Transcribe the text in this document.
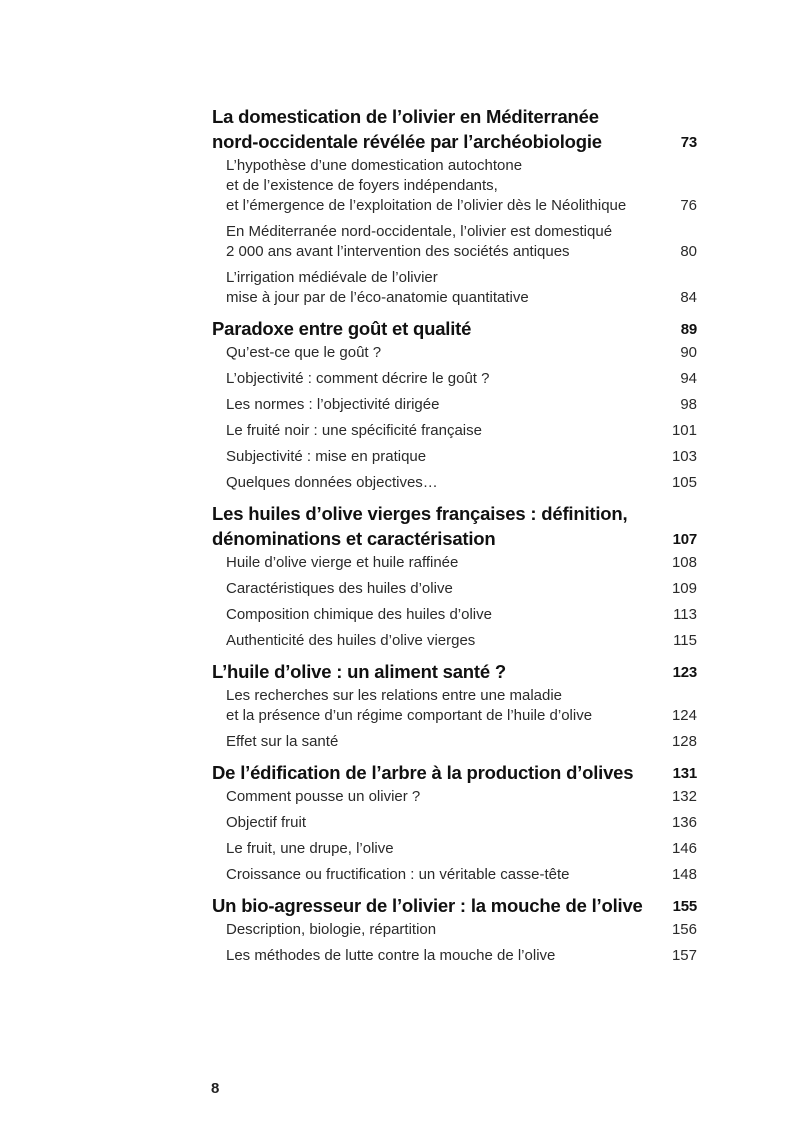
La domestication de l’olivier en Méditerranée
nord-occidentale révélée par l’archéobiologie	73
L’hypothèse d’une domestication autochtone
et de l’existence de foyers indépendants,
et l’émergence de l’exploitation de l’olivier dès le Néolithique	76
En Méditerranée nord-occidentale, l’olivier est domestiqué
2 000 ans avant l’intervention des sociétés antiques	80
L’irrigation médiévale de l’olivier
mise à jour par de l’éco-anatomie quantitative	84
Paradoxe entre goût et qualité	89
Qu’est-ce que le goût ?	90
L’objectivité : comment décrire le goût ?	94
Les normes : l’objectivité dirigée	98
Le fruité noir : une spécificité française	101
Subjectivité : mise en pratique	103
Quelques données objectives…	105
Les huiles d’olive vierges françaises : définition,
dénominations et caractérisation	107
Huile d’olive vierge et huile raffinée	108
Caractéristiques des huiles d’olive	109
Composition chimique des huiles d’olive	113
Authenticité des huiles d’olive vierges	115
L’huile d’olive : un aliment santé ?	123
Les recherches sur les relations entre une maladie
et la présence d’un régime comportant de l’huile d’olive	124
Effet sur la santé	128
De l’édification de l’arbre à la production d’olives	131
Comment pousse un olivier ?	132
Objectif fruit	136
Le fruit, une drupe, l’olive	146
Croissance ou fructification : un véritable casse-tête	148
Un bio-agresseur de l’olivier : la mouche de l’olive	155
Description, biologie, répartition	156
Les méthodes de lutte contre la mouche de l’olive	157
8
